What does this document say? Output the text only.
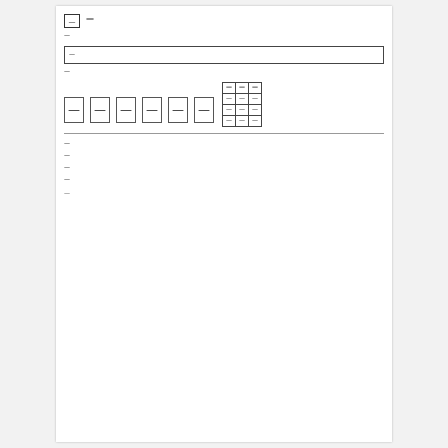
—	—
—
—
—
—	—	—	—	—	—
—	—	—
—	—	—
—	—	—
—	—	—
—
—
—
—
—
